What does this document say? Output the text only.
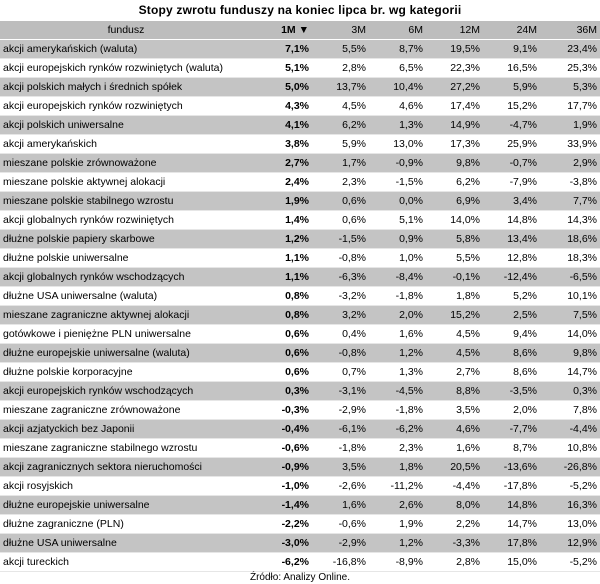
Stopy zwrotu funduszy na koniec lipca br. wg kategorii
fundusz	1M ▼	3M	6M	12M	24M	36M
akcji amerykańskich (waluta)	7,1%	5,5%	8,7%	19,5%	9,1%	23,4%
akcji europejskich rynków rozwiniętych (waluta)	5,1%	2,8%	6,5%	22,3%	16,5%	25,3%
akcji polskich małych i średnich spółek	5,0%	13,7%	10,4%	27,2%	5,9%	5,3%
akcji europejskich rynków rozwiniętych	4,3%	4,5%	4,6%	17,4%	15,2%	17,7%
akcji polskich uniwersalne	4,1%	6,2%	1,3%	14,9%	-4,7%	1,9%
akcji amerykańskich	3,8%	5,9%	13,0%	17,3%	25,9%	33,9%
mieszane polskie zrównoważone	2,7%	1,7%	-0,9%	9,8%	-0,7%	2,9%
mieszane polskie aktywnej alokacji	2,4%	2,3%	-1,5%	6,2%	-7,9%	-3,8%
mieszane polskie stabilnego wzrostu	1,9%	0,6%	0,0%	6,9%	3,4%	7,7%
akcji globalnych rynków rozwiniętych	1,4%	0,6%	5,1%	14,0%	14,8%	14,3%
dłużne polskie papiery skarbowe	1,2%	-1,5%	0,9%	5,8%	13,4%	18,6%
dłużne polskie uniwersalne	1,1%	-0,8%	1,0%	5,5%	12,8%	18,3%
akcji globalnych rynków wschodzących	1,1%	-6,3%	-8,4%	-0,1%	-12,4%	-6,5%
dłużne USA uniwersalne (waluta)	0,8%	-3,2%	-1,8%	1,8%	5,2%	10,1%
mieszane zagraniczne aktywnej alokacji	0,8%	3,2%	2,0%	15,2%	2,5%	7,5%
gotówkowe i pieniężne PLN uniwersalne	0,6%	0,4%	1,6%	4,5%	9,4%	14,0%
dłużne europejskie uniwersalne (waluta)	0,6%	-0,8%	1,2%	4,5%	8,6%	9,8%
dłużne polskie korporacyjne	0,6%	0,7%	1,3%	2,7%	8,6%	14,7%
akcji europejskich rynków wschodzących	0,3%	-3,1%	-4,5%	8,8%	-3,5%	0,3%
mieszane zagraniczne zrównoważone	-0,3%	-2,9%	-1,8%	3,5%	2,0%	7,8%
akcji azjatyckich bez Japonii	-0,4%	-6,1%	-6,2%	4,6%	-7,7%	-4,4%
mieszane zagraniczne stabilnego wzrostu	-0,6%	-1,8%	2,3%	1,6%	8,7%	10,8%
akcji zagranicznych sektora nieruchomości	-0,9%	3,5%	1,8%	20,5%	-13,6%	-26,8%
akcji rosyjskich	-1,0%	-2,6%	-11,2%	-4,4%	-17,8%	-5,2%
dłużne europejskie uniwersalne	-1,4%	1,6%	2,6%	8,0%	14,8%	16,3%
dłużne zagraniczne (PLN)	-2,2%	-0,6%	1,9%	2,2%	14,7%	13,0%
dłużne USA uniwersalne	-3,0%	-2,9%	1,2%	-3,3%	17,8%	12,9%
akcji tureckich	-6,2%	-16,8%	-8,9%	2,8%	15,0%	-5,2%
Źródło: Analizy Online.
